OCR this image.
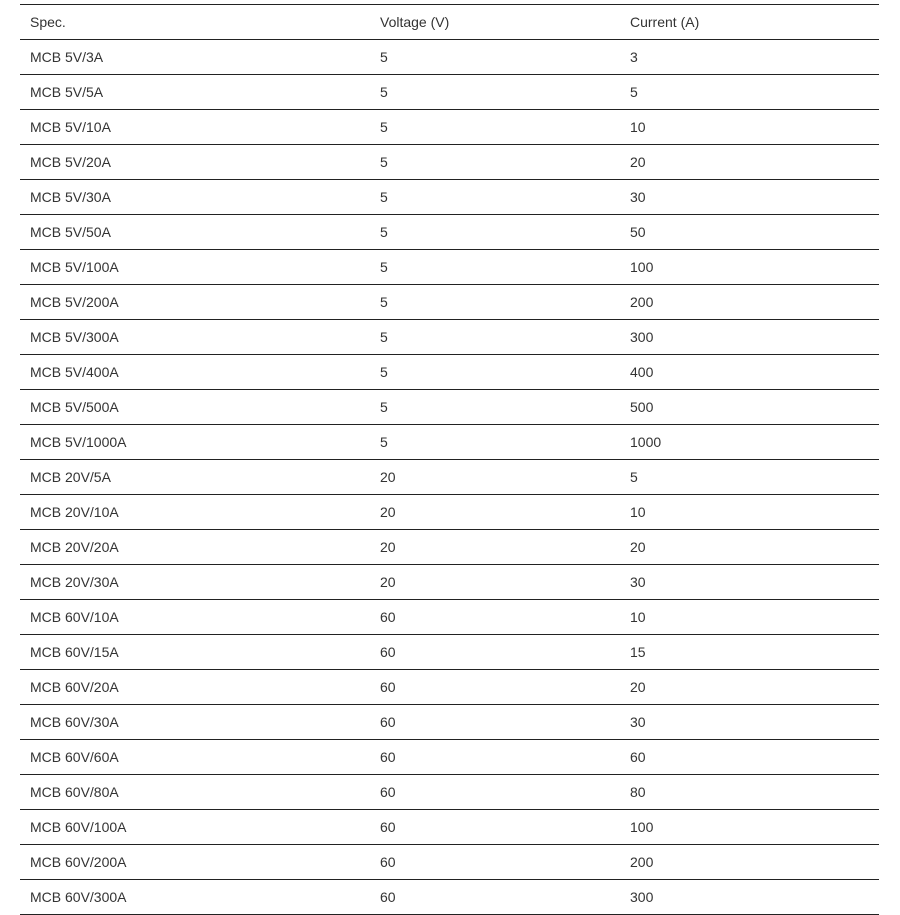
Spec.	Voltage (V)	Current (A)
MCB 5V/3A	5	3
MCB 5V/5A	5	5
MCB 5V/10A	5	10
MCB 5V/20A	5	20
MCB 5V/30A	5	30
MCB 5V/50A	5	50
MCB 5V/100A	5	100
MCB 5V/200A	5	200
MCB 5V/300A	5	300
MCB 5V/400A	5	400
MCB 5V/500A	5	500
MCB 5V/1000A	5	1000
MCB 20V/5A	20	5
MCB 20V/10A	20	10
MCB 20V/20A	20	20
MCB 20V/30A	20	30
MCB 60V/10A	60	10
MCB 60V/15A	60	15
MCB 60V/20A	60	20
MCB 60V/30A	60	30
MCB 60V/60A	60	60
MCB 60V/80A	60	80
MCB 60V/100A	60	100
MCB 60V/200A	60	200
MCB 60V/300A	60	300
